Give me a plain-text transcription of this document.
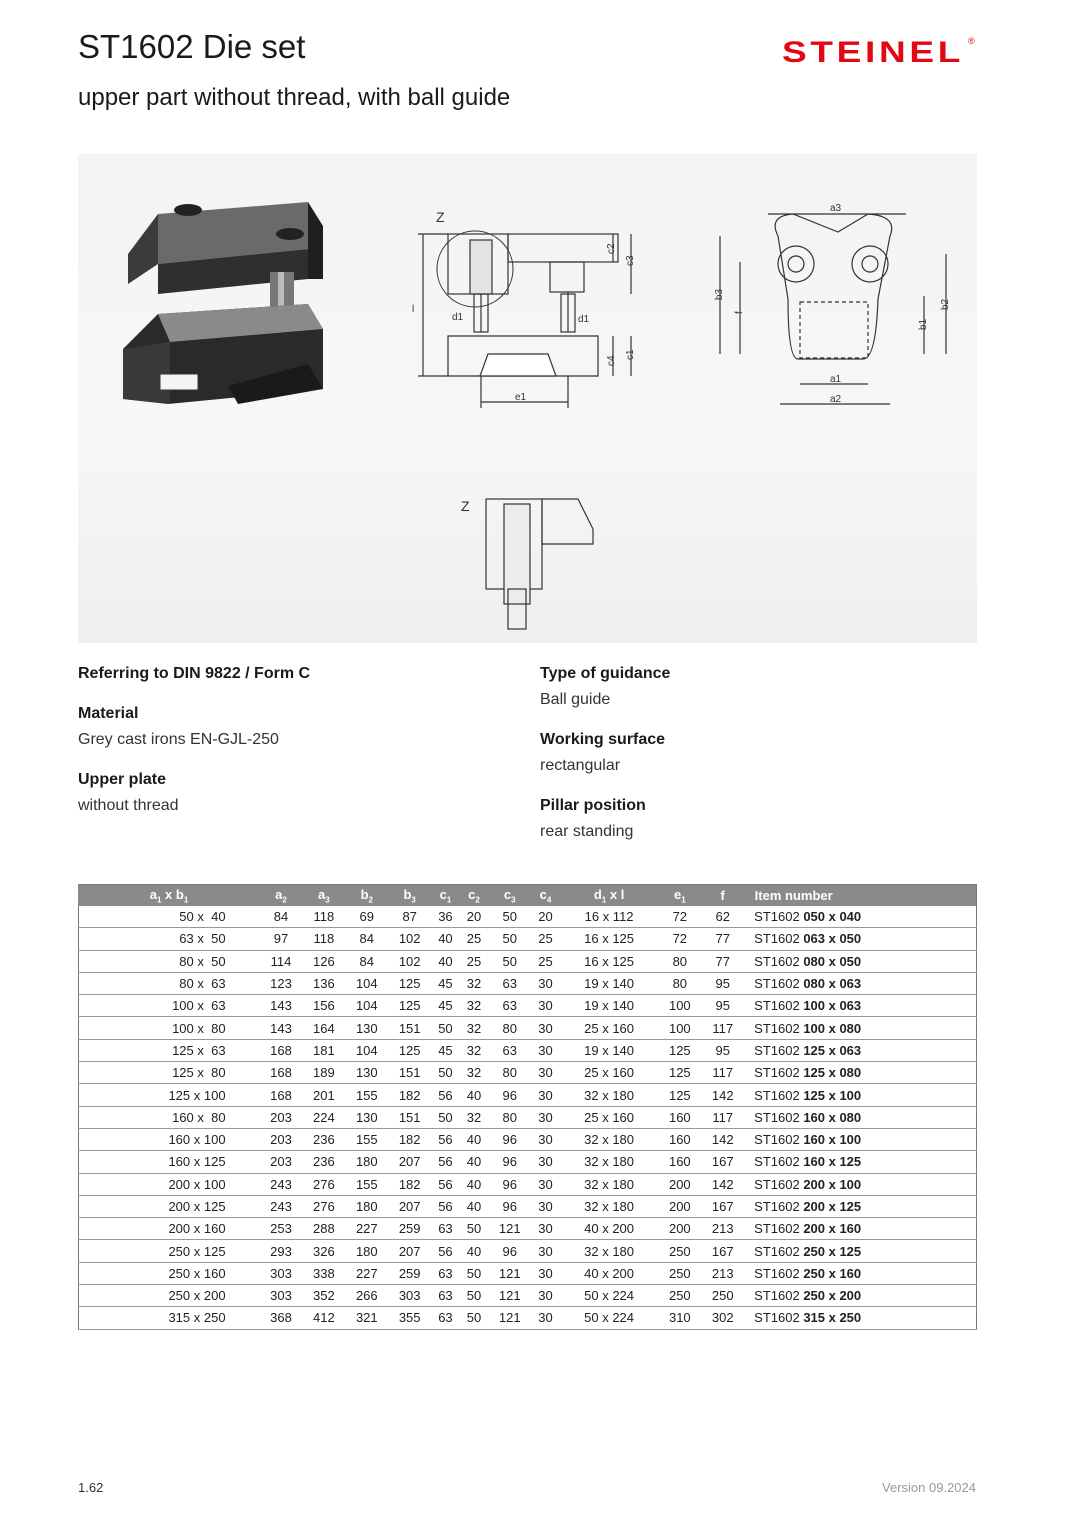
ST1602 Die set
upper part without thread, with ball guide
STEINEL ®
Z
l
d1	d1
e1
c2
c3
c4
c1
a3
a1
a2
b3
f
b1
b2
Z

Referring to DIN 9822 / Form C

Material

Grey cast irons EN-GJL-250

Upper plate

without thread

Type of guidance

Ball guide

Working surface

rectangular

Pillar position

rear standing

$a_1$ x $b_1$	$a_2$	$a_3$	$b_2$	$b_3$	$c_1$	$c_2$	$c_3$	$c_4$	$d_1$ x l	$e_1$	f	Item number
50 x  40	84	118	69	87	36	20	50	20	16 x 112	72	62	ST1602 050 x 040
63 x  50	97	118	84	102	40	25	50	25	16 x 125	72	77	ST1602 063 x 050
80 x  50	114	126	84	102	40	25	50	25	16 x 125	80	77	ST1602 080 x 050
80 x  63	123	136	104	125	45	32	63	30	19 x 140	80	95	ST1602 080 x 063
100 x  63	143	156	104	125	45	32	63	30	19 x 140	100	95	ST1602 100 x 063
100 x  80	143	164	130	151	50	32	80	30	25 x 160	100	117	ST1602 100 x 080
125 x  63	168	181	104	125	45	32	63	30	19 x 140	125	95	ST1602 125 x 063
125 x  80	168	189	130	151	50	32	80	30	25 x 160	125	117	ST1602 125 x 080
125 x 100	168	201	155	182	56	40	96	30	32 x 180	125	142	ST1602 125 x 100
160 x  80	203	224	130	151	50	32	80	30	25 x 160	160	117	ST1602 160 x 080
160 x 100	203	236	155	182	56	40	96	30	32 x 180	160	142	ST1602 160 x 100
160 x 125	203	236	180	207	56	40	96	30	32 x 180	160	167	ST1602 160 x 125
200 x 100	243	276	155	182	56	40	96	30	32 x 180	200	142	ST1602 200 x 100
200 x 125	243	276	180	207	56	40	96	30	32 x 180	200	167	ST1602 200 x 125
200 x 160	253	288	227	259	63	50	121	30	40 x 200	200	213	ST1602 200 x 160
250 x 125	293	326	180	207	56	40	96	30	32 x 180	250	167	ST1602 250 x 125
250 x 160	303	338	227	259	63	50	121	30	40 x 200	250	213	ST1602 250 x 160
250 x 200	303	352	266	303	63	50	121	30	50 x 224	250	250	ST1602 250 x 200
315 x 250	368	412	321	355	63	50	121	30	50 x 224	310	302	ST1602 315 x 250
1.62	Version 09.2024
